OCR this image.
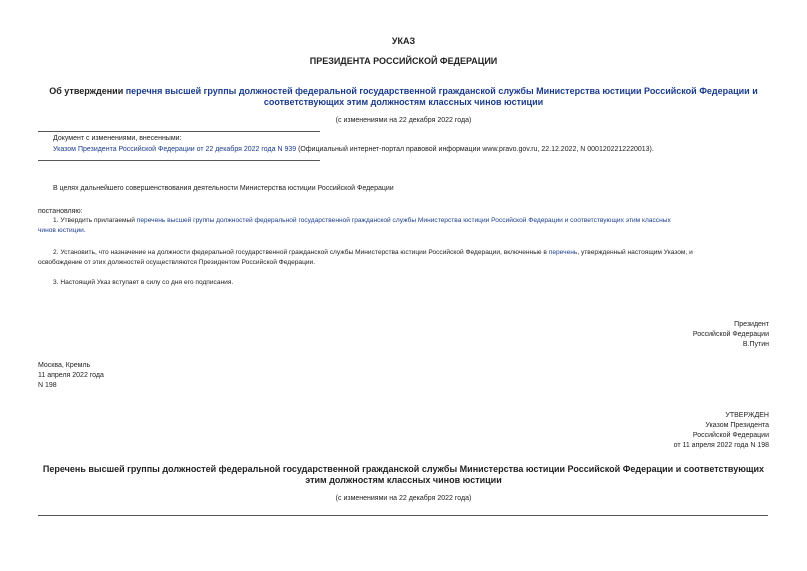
УКАЗ
ПРЕЗИДЕНТА РОССИЙСКОЙ ФЕДЕРАЦИИ
Об утверждении перечня высшей группы должностей федеральной государственной гражданской службы Министерства юстиции Российской Федерации и
соответствующих этим должностям классных чинов юстиции
(с изменениями на 22 декабря 2022 года)
Документ с изменениями, внесенными:
Указом Президента Российской Федерации от 22 декабря 2022 года N 939 (Официальный интернет-портал правовой информации www.pravo.gov.ru, 22.12.2022, N 0001202212220013).
В целях дальнейшего совершенствования деятельности Министерства юстиции Российской Федерации
постановляю:
1. Утвердить прилагаемый перечень высшей группы должностей федеральной государственной гражданской службы Министерства юстиции Российской Федерации и соответствующих этим классных
чинов юстиции.
2. Установить, что назначение на должности федеральной государственной гражданской службы Министерства юстиции Российской Федерации, включенные в перечень, утвержденный настоящим Указом, и
освобождение от этих должностей осуществляются Президентом Российской Федерации.
3. Настоящий Указ вступает в силу со дня его подписания.
Президент
Российской Федерации
В.Путин
Москва, Кремль
11 апреля 2022 года
N 198
УТВЕРЖДЕН
Указом Президента
Российской Федерации
от 11 апреля 2022 года N 198
Перечень высшей группы должностей федеральной государственной гражданской службы Министерства юстиции Российской Федерации и соответствующих
этим должностям классных чинов юстиции
(с изменениями на 22 декабря 2022 года)
